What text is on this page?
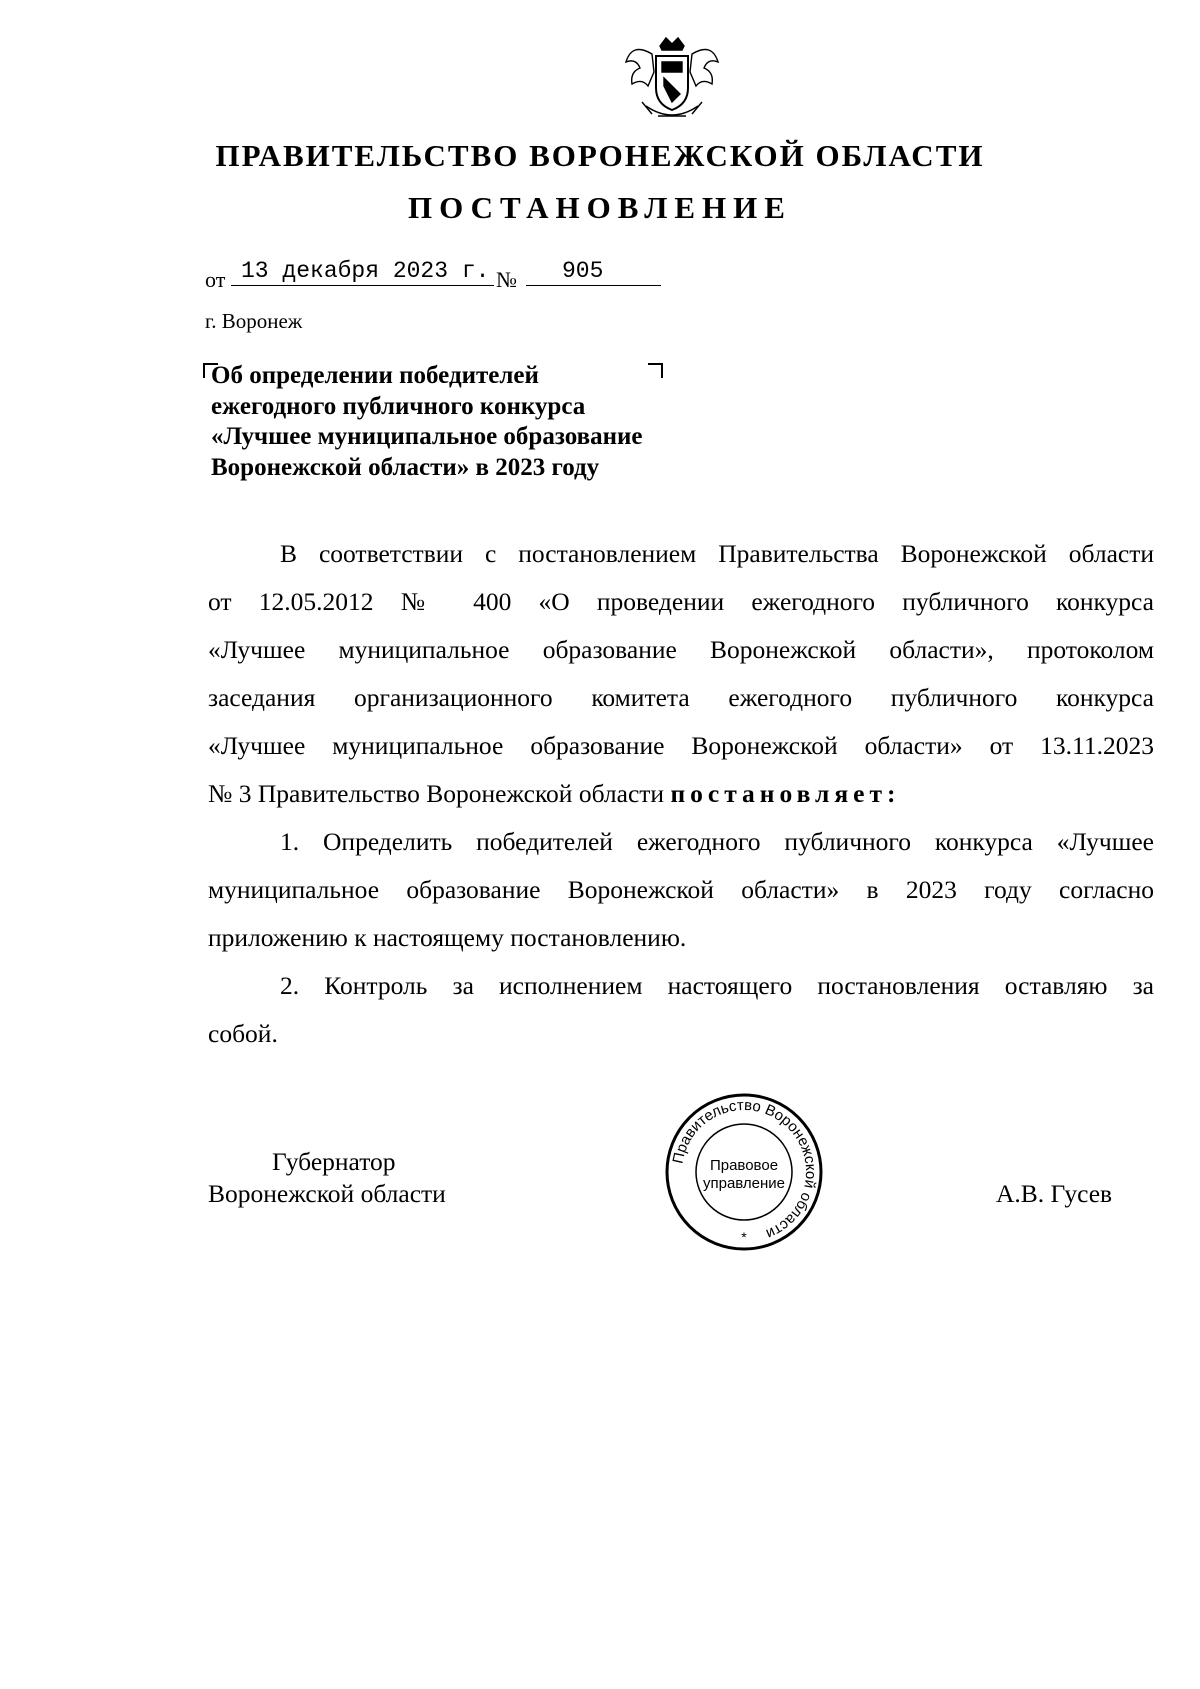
ПРАВИТЕЛЬСТВО ВОРОНЕЖСКОЙ ОБЛАСТИ
ПОСТАНОВЛЕНИЕ
от 13 декабря 2023 г. № 905
г. Воронеж
Об определении победителей
ежегодного публичного конкурса
«Лучшее муниципальное образование
Воронежской области» в 2023 году
В соответствии с постановлением Правительства Воронежской области
от 12.05.2012 № 400 «О проведении ежегодного публичного конкурса
«Лучшее муниципальное образование Воронежской области», протоколом
заседания организационного комитета ежегодного публичного конкурса
«Лучшее муниципальное образование Воронежской области» от 13.11.2023
№ 3 Правительство Воронежской области постановляет:
1. Определить победителей ежегодного публичного конкурса «Лучшее
муниципальное образование Воронежской области» в 2023 году согласно
приложению к настоящему постановлению.
2. Контроль за исполнением настоящего постановления оставляю за
собой.
Губернатор
Воронежской области	А.В. Гусев
Правительство Воронежской области
Правовое
управление
*
